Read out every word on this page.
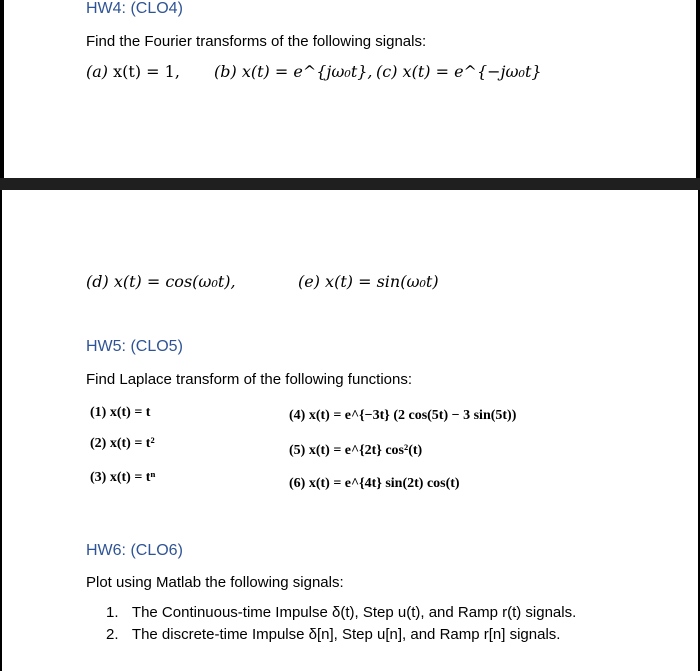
HW4: (CLO4)
Find the Fourier transforms of the following signals:
(a) x(t) = 1, (b) x(t) = e^{jω₀t}, (c) x(t) = e^{−jω₀t}
(d) x(t) = cos(ω₀t),	(e) x(t) = sin(ω₀t)
HW5: (CLO5)
Find Laplace transform of the following functions:
(1) x(t) = t
(2) x(t) = t²
(3) x(t) = tⁿ
(4) x(t) = e^{−3t} (2 cos(5t) − 3 sin(5t))
(5) x(t) = e^{2t} cos²(t)
(6) x(t) = e^{4t} sin(2t) cos(t)
HW6: (CLO6)
Plot using Matlab the following signals:
1. The Continuous-time Impulse δ(t), Step u(t), and Ramp r(t) signals.
2. The discrete-time Impulse δ[n], Step u[n], and Ramp r[n] signals.
